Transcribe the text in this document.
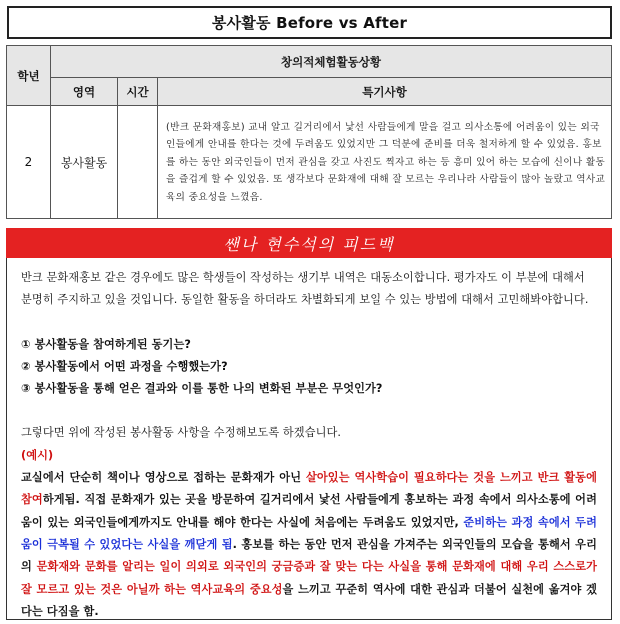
봉사활동 Before vs After
학년	창의적체험활동상황		
	영역	시간	특기사항
2	봉사활동		(반크 문화재홍보) 교내 알고 길거리에서 낯선 사람들에게 말을 걸고 의사소통에 어려움이 있는 외국인들에게 안내를 한다는 것에 두려움도 있었지만 그 덕분에 준비를 더욱 철저하게 할 수 있었음. 홍보를 하는 동안 외국인들이 먼저 관심을 갖고 사진도 찍자고 하는 등 흥미 있어 하는 모습에 신이나 활동을 즐겁게 할 수 있었음. 또 생각보다 문화재에 대해 잘 모르는 우리나라 사람들이 많아 놀랐고 역사교육의 중요성을 느꼈음.
쌘나 현수석의 피드백

반크 문화재홍보 같은 경우에도 많은 학생들이 작성하는 생기부 내역은 대동소이합니다. 평가자도 이 부분에 대해서 분명히 주지하고 있을 것입니다. 동일한 활동을 하더라도 차별화되게 보일 수 있는 방법에 대해서 고민해봐야합니다.

① 봉사활동을 참여하게된 동기는?

② 봉사활동에서 어떤 과정을 수행했는가?

③ 봉사활동을 통해 얻은 결과와 이를 통한 나의 변화된 부분은 무엇인가?

그렇다면 위에 작성된 봉사활동 사항을 수정해보도록 하겠습니다.

(예시)

교실에서 단순히 책이나 영상으로 접하는 문화재가 아닌 살아있는 역사학습이 필요하다는 것을 느끼고 반크 활동에 참여하게됨. 직접 문화재가 있는 곳을 방문하여 길거리에서 낯선 사람들에게 홍보하는 과정 속에서 의사소통에 어려움이 있는 외국인들에게까지도 안내를 해야 한다는 사실에 처음에는 두려움도 있었지만, 준비하는 과정 속에서 두려움이 극복될 수 있었다는 사실을 깨닫게 됨. 홍보를 하는 동안 먼저 관심을 가져주는 외국인들의 모습을 통해서 우리의 문화재와 문화를 알리는 일이 의외로 외국인의 궁금증과 잘 맞는 다는 사실을 통해 문화재에 대해 우리 스스로가 잘 모르고 있는 것은 아닐까 하는 역사교육의 중요성을 느끼고 꾸준히 역사에 대한 관심과 더불어 실천에 옮겨야 겠다는 다짐을 함.
